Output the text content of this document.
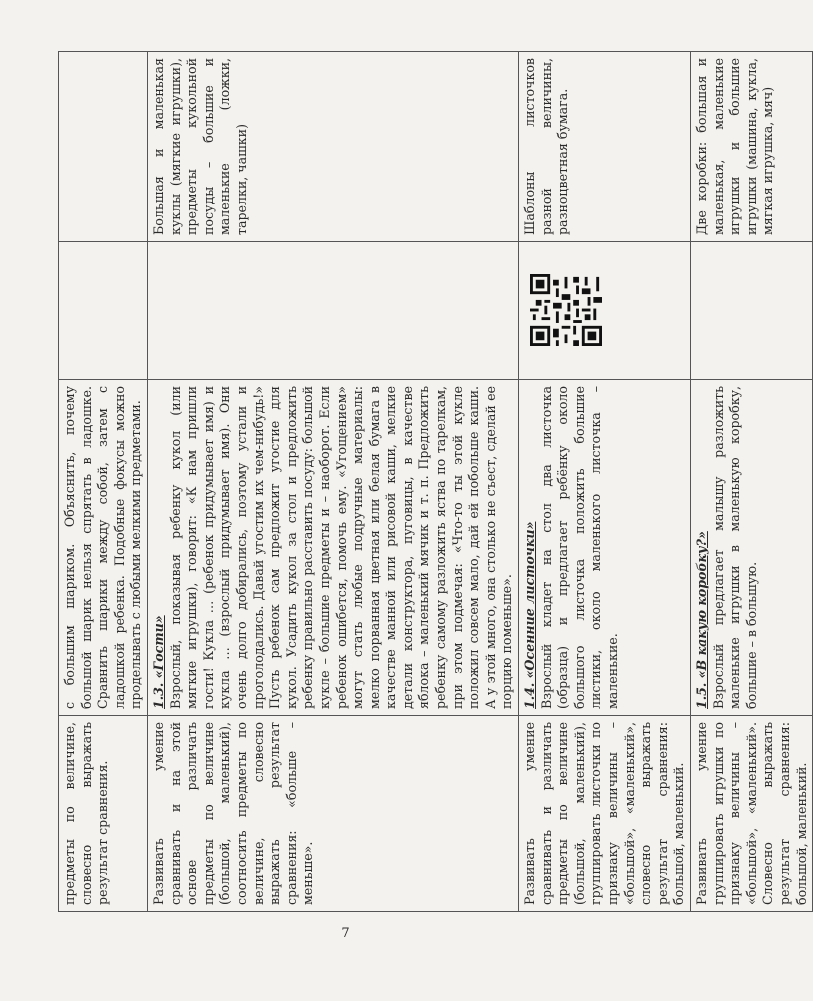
предметы по величине, словесно выражать результат сравнения.	с большим шариком. Объяснить, почему большой шарик нельзя спрятать в ладошке. Сравнить шарики между собой, затем с ладошкой ребенка. Подобные фокусы можно проделывать с любыми мелкими предметами.		
Развивать умение сравнивать и на этой основе различать предметы по величине (большой, маленький), соотносить предметы по величине, словесно выражать результат сравнения: «больше – меньше».	1.3. «Гости» Взрослый, показывая ребенку кукол (или мягкие игрушки), говорит: «К нам пришли гости! Кукла … (ребенок придумывает имя) и кукла … (взрослый придумывает имя). Они очень долго добирались, поэтому устали и проголодались. Давай угостим их чем-нибудь!» Пусть ребенок сам предложит угостие для кукол. Усадить кукол за стол и предложить ребенку правильно расставить посуду: большой кукле – большие предметы и – наоборот. Если ребенок ошибется, помочь ему. «Угощением» могут стать любые подручные материалы: мелко порванная цветная или белая бумага в качестве манной или рисовой каши, мелкие детали конструктора, пуговицы, в качестве яблока – маленький мячик и т. п. Предложить ребенку самому разложить яства по тарелкам, при этом подмечая: «Что-то ты этой кукле положил совсем мало, дай ей побольше каши. А у этой много, она столько не съест, сделай ее порцию поменьше».		Большая и маленькая куклы (мягкие игрушки), предметы кукольной посуды – большие и маленькие (ложки, тарелки, чашки)
Развивать умение сравнивать и различать предметы по величине (большой, маленький), группировать листочки по признаку величины – «большой», «маленький», словесно выражать результат сравнения: большой, маленький.	1.4. «Осенние листочки» Взрослый кладет на стол два листочка (образца) и предлагает ребёнку около большого листочка положить большие листики, около маленького листочка – маленькие.		Шаблоны листочков разной величины, разноцветная бумага.
Развивать умение группировать игрушки по признаку величины – «большой», «маленький». Словесно выражать результат сравнения: большой, маленький.	1.5. «В какую коробку?» Взрослый предлагает малышу разложить маленькие игрушки в маленькую коробку, большие – в большую.		Две коробки: большая и маленькая, маленькие игрушки и большие игрушки (машина, кукла, мягкая игрушка, мяч)
7
